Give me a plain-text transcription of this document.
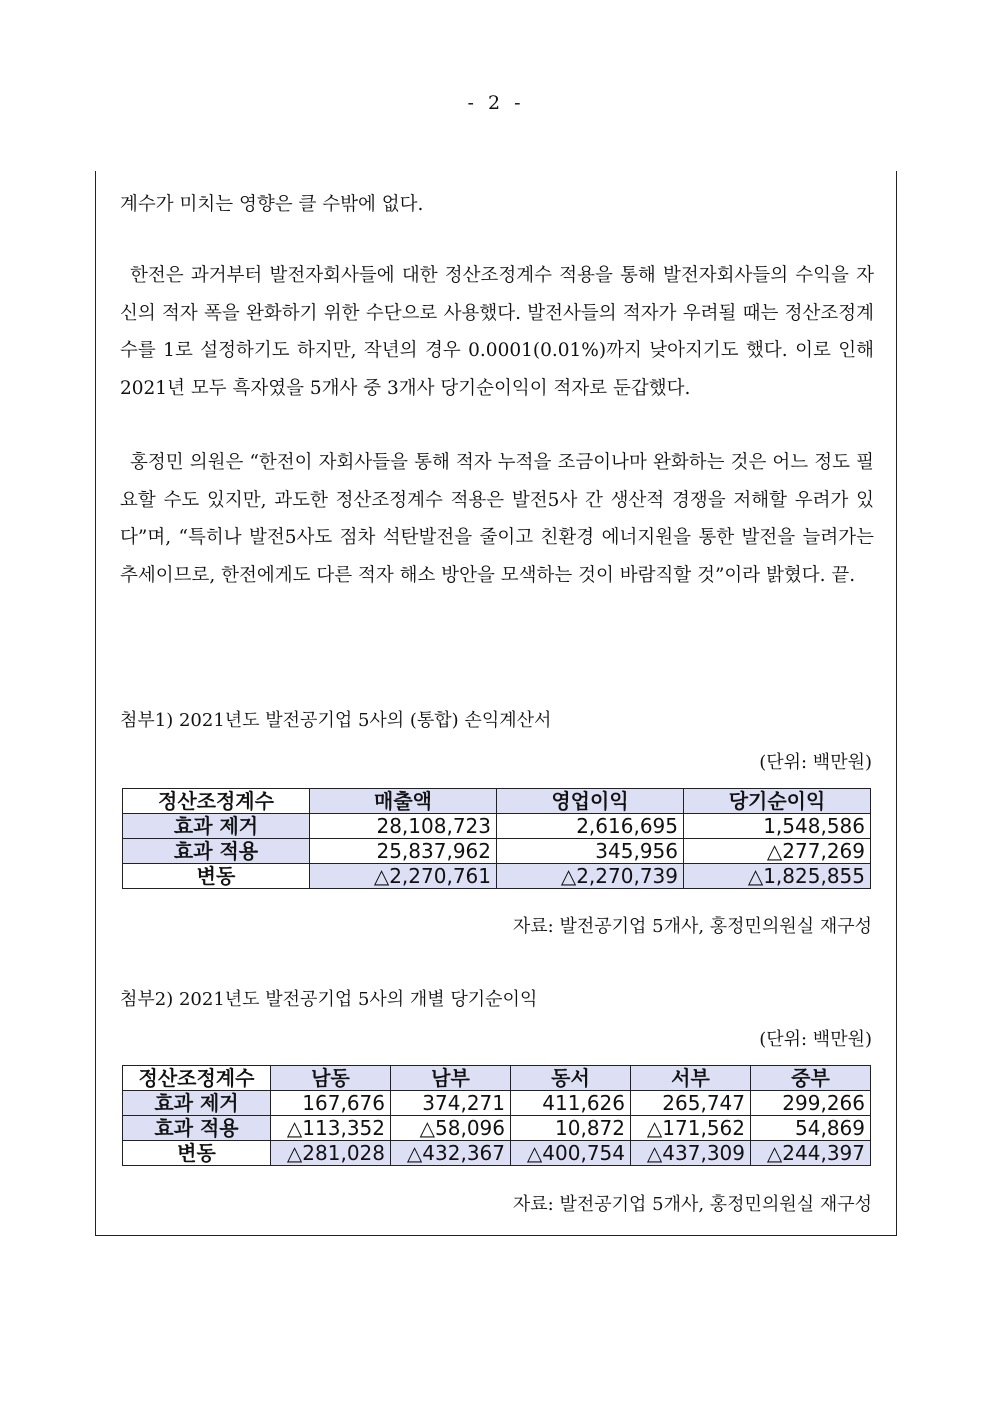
- 2 -
계수가 미치는 영향은 클 수밖에 없다.
한전은 과거부터 발전자회사들에 대한 정산조정계수 적용을 통해 발전자회사들의 수익을 자신의 적자 폭을 완화하기 위한 수단으로 사용했다. 발전사들의 적자가 우려될 때는 정산조정계수를 1로 설정하기도 하지만, 작년의 경우 0.0001(0.01%)까지 낮아지기도 했다. 이로 인해 2021년 모두 흑자였을 5개사 중 3개사 당기순이익이 적자로 둔갑했다.
홍정민 의원은 “한전이 자회사들을 통해 적자 누적을 조금이나마 완화하는 것은 어느 정도 필요할 수도 있지만, 과도한 정산조정계수 적용은 발전5사 간 생산적 경쟁을 저해할 우려가 있다”며, “특히나 발전5사도 점차 석탄발전을 줄이고 친환경 에너지원을 통한 발전을 늘려가는 추세이므로, 한전에게도 다른 적자 해소 방안을 모색하는 것이 바람직할 것”이라 밝혔다. 끝.
첨부1) 2021년도 발전공기업 5사의 (통합) 손익계산서
(단위: 백만원)
정산조정계수	매출액	영업이익	당기순이익
효과 제거	28,108,723	2,616,695	1,548,586
효과 적용	25,837,962	345,956	△277,269
변동	△2,270,761	△2,270,739	△1,825,855
자료: 발전공기업 5개사, 홍정민의원실 재구성
첨부2) 2021년도 발전공기업 5사의 개별 당기순이익
(단위: 백만원)
정산조정계수	남동	남부	동서	서부	중부
효과 제거	167,676	374,271	411,626	265,747	299,266
효과 적용	△113,352	△58,096	10,872	△171,562	54,869
변동	△281,028	△432,367	△400,754	△437,309	△244,397
자료: 발전공기업 5개사, 홍정민의원실 재구성
